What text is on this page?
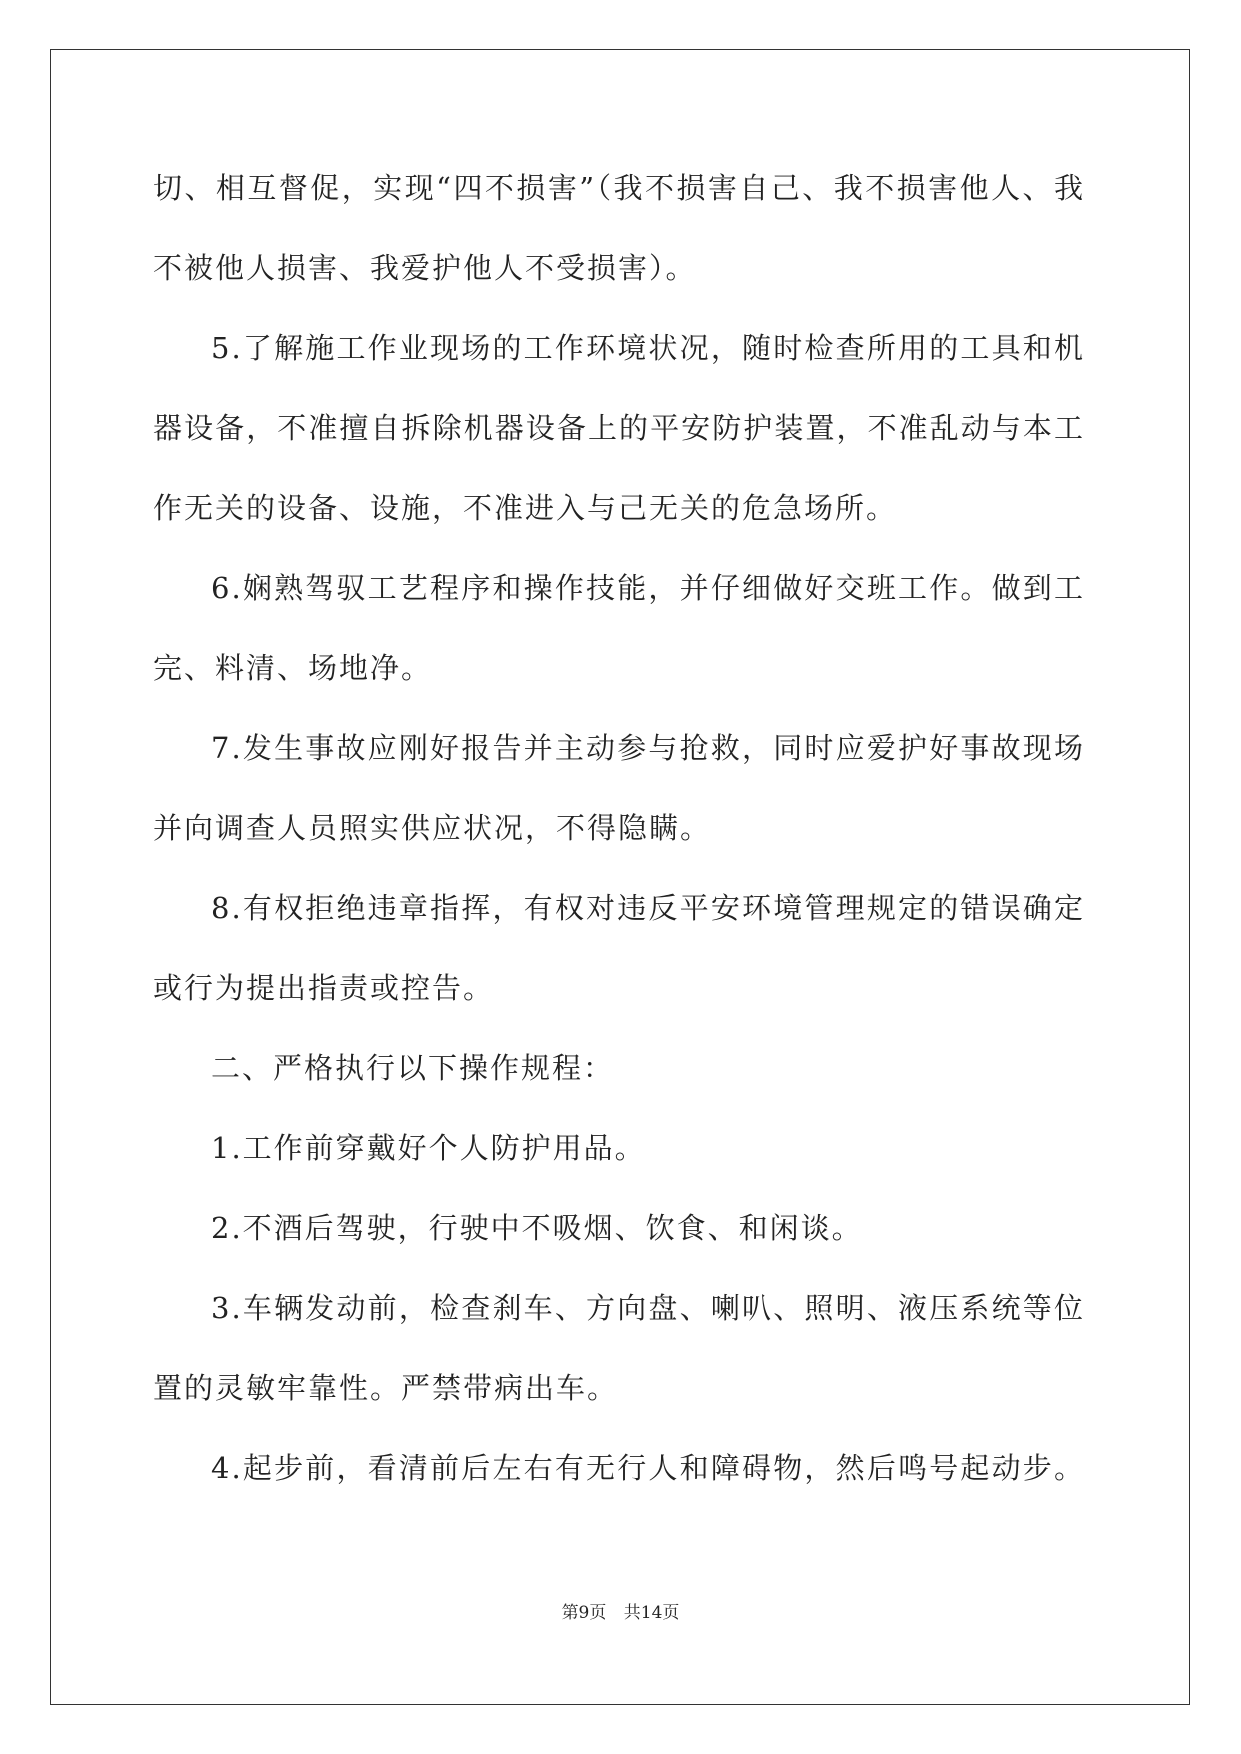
切、相互督促，实现“四不损害”（我不损害自己、我不损害他人、我
不被他人损害、我爱护他人不受损害）。
5.了解施工作业现场的工作环境状况，随时检查所用的工具和机
器设备，不准擅自拆除机器设备上的平安防护装置，不准乱动与本工
作无关的设备、设施，不准进入与己无关的危急场所。
6.娴熟驾驭工艺程序和操作技能，并仔细做好交班工作。做到工
完、料清、场地净。
7.发生事故应刚好报告并主动参与抢救，同时应爱护好事故现场
并向调查人员照实供应状况，不得隐瞒。
8.有权拒绝违章指挥，有权对违反平安环境管理规定的错误确定
或行为提出指责或控告。
二、严格执行以下操作规程：
1.工作前穿戴好个人防护用品。
2.不酒后驾驶，行驶中不吸烟、饮食、和闲谈。
3.车辆发动前，检查刹车、方向盘、喇叭、照明、液压系统等位
置的灵敏牢靠性。严禁带病出车。
4.起步前，看清前后左右有无行人和障碍物，然后鸣号起动步。
第9页 共14页
